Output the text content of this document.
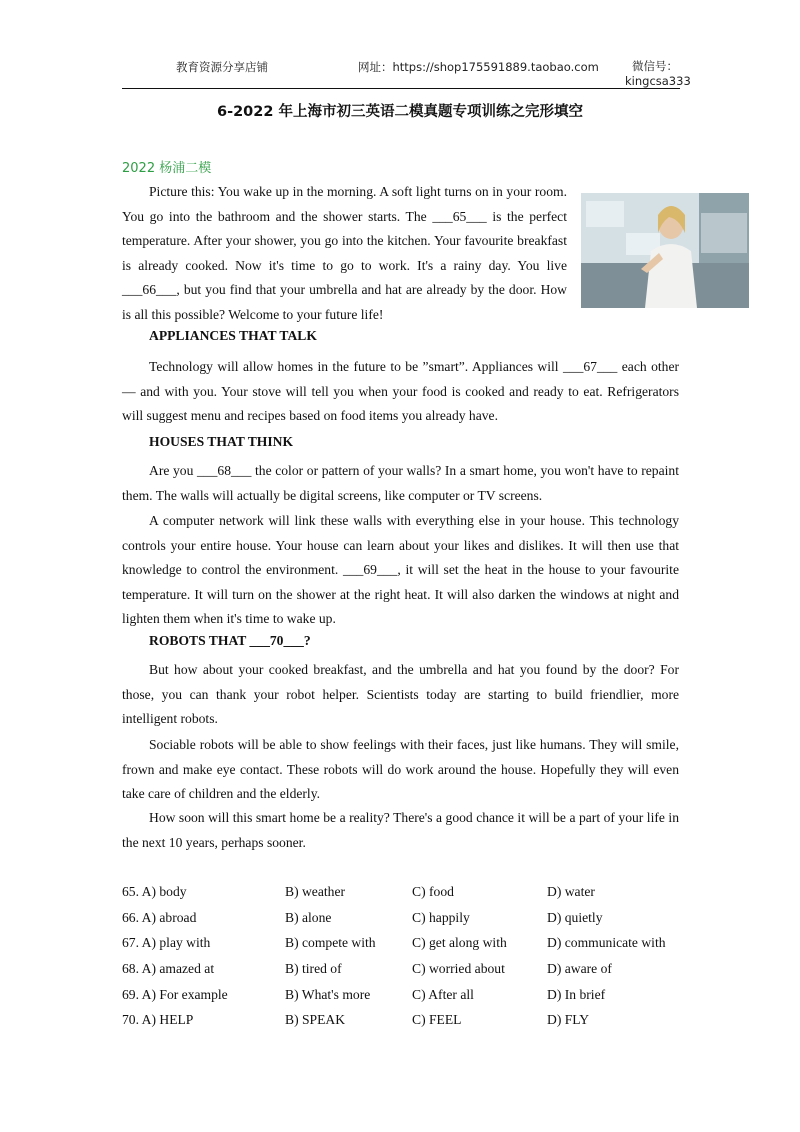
教育资源分享店铺	网址：https://shop175591889.taobao.com	微信号：
kingcsa333
6-2022 年上海市初三英语二模真题专项训练之完形填空
2022 杨浦二模

Picture this: You wake up in the morning. A soft light turns on in your room. You go into the bathroom and the shower starts. The ___65___ is the perfect temperature. After your shower, you go into the kitchen. Your favourite breakfast is already cooked. Now it's time to go to work. It's a rainy day. You live ___66___, but you find that your umbrella and hat are already by the door. How is all this possible? Welcome to your future life!

APPLIANCES THAT TALK

Technology will allow homes in the future to be ”smart”. Appliances will ___67___ each other — and with you. Your stove will tell you when your food is cooked and ready to eat. Refrigerators will suggest menu and recipes based on food items you already have.

HOUSES THAT THINK

Are you ___68___ the color or pattern of your walls? In a smart home, you won't have to repaint them. The walls will actually be digital screens, like computer or TV screens.

A computer network will link these walls with everything else in your house. This technology controls your entire house. Your house can learn about your likes and dislikes. It will then use that knowledge to control the environment. ___69___, it will set the heat in the house to your favourite temperature. It will turn on the shower at the right heat. It will also darken the windows at night and lighten them when it's time to wake up.

ROBOTS THAT ___70___?

But how about your cooked breakfast, and the umbrella and hat you found by the door? For those, you can thank your robot helper. Scientists today are starting to build friendlier, more intelligent robots.

Sociable robots will be able to show feelings with their faces, just like humans. They will smile, frown and make eye contact. These robots will do work around the house. Hopefully they will even take care of children and the elderly.

How soon will this smart home be a reality? There's a good chance it will be a part of your life in the next 10 years, perhaps sooner.

65. A) body	B) weather	C) food	D) water
66. A) abroad	B) alone	C) happily	D) quietly
67. A) play with	B) compete with	C) get along with	D) communicate with
68. A) amazed at	B) tired of	C) worried about	D) aware of
69. A) For example	B) What's more	C) After all	D) In brief
70. A) HELP	B) SPEAK	C) FEEL	D) FLY
